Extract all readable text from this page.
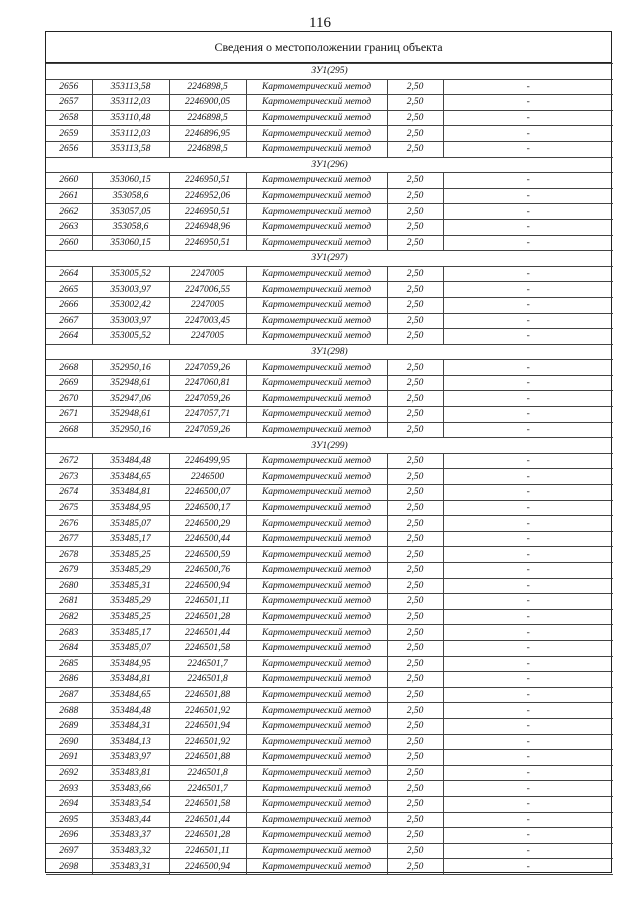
116
Сведения о местоположении границ объекта
ЗУ1(295)					
2656	353113,58	2246898,5	Картометрический метод	2,50	-
2657	353112,03	2246900,05	Картометрический метод	2,50	-
2658	353110,48	2246898,5	Картометрический метод	2,50	-
2659	353112,03	2246896,95	Картометрический метод	2,50	-
2656	353113,58	2246898,5	Картометрический метод	2,50	-
ЗУ1(296)					
2660	353060,15	2246950,51	Картометрический метод	2,50	-
2661	353058,6	2246952,06	Картометрический метод	2,50	-
2662	353057,05	2246950,51	Картометрический метод	2,50	-
2663	353058,6	2246948,96	Картометрический метод	2,50	-
2660	353060,15	2246950,51	Картометрический метод	2,50	-
ЗУ1(297)					
2664	353005,52	2247005	Картометрический метод	2,50	-
2665	353003,97	2247006,55	Картометрический метод	2,50	-
2666	353002,42	2247005	Картометрический метод	2,50	-
2667	353003,97	2247003,45	Картометрический метод	2,50	-
2664	353005,52	2247005	Картометрический метод	2,50	-
ЗУ1(298)					
2668	352950,16	2247059,26	Картометрический метод	2,50	-
2669	352948,61	2247060,81	Картометрический метод	2,50	-
2670	352947,06	2247059,26	Картометрический метод	2,50	-
2671	352948,61	2247057,71	Картометрический метод	2,50	-
2668	352950,16	2247059,26	Картометрический метод	2,50	-
ЗУ1(299)					
2672	353484,48	2246499,95	Картометрический метод	2,50	-
2673	353484,65	2246500	Картометрический метод	2,50	-
2674	353484,81	2246500,07	Картометрический метод	2,50	-
2675	353484,95	2246500,17	Картометрический метод	2,50	-
2676	353485,07	2246500,29	Картометрический метод	2,50	-
2677	353485,17	2246500,44	Картометрический метод	2,50	-
2678	353485,25	2246500,59	Картометрический метод	2,50	-
2679	353485,29	2246500,76	Картометрический метод	2,50	-
2680	353485,31	2246500,94	Картометрический метод	2,50	-
2681	353485,29	2246501,11	Картометрический метод	2,50	-
2682	353485,25	2246501,28	Картометрический метод	2,50	-
2683	353485,17	2246501,44	Картометрический метод	2,50	-
2684	353485,07	2246501,58	Картометрический метод	2,50	-
2685	353484,95	2246501,7	Картометрический метод	2,50	-
2686	353484,81	2246501,8	Картометрический метод	2,50	-
2687	353484,65	2246501,88	Картометрический метод	2,50	-
2688	353484,48	2246501,92	Картометрический метод	2,50	-
2689	353484,31	2246501,94	Картометрический метод	2,50	-
2690	353484,13	2246501,92	Картометрический метод	2,50	-
2691	353483,97	2246501,88	Картометрический метод	2,50	-
2692	353483,81	2246501,8	Картометрический метод	2,50	-
2693	353483,66	2246501,7	Картометрический метод	2,50	-
2694	353483,54	2246501,58	Картометрический метод	2,50	-
2695	353483,44	2246501,44	Картометрический метод	2,50	-
2696	353483,37	2246501,28	Картометрический метод	2,50	-
2697	353483,32	2246501,11	Картометрический метод	2,50	-
2698	353483,31	2246500,94	Картометрический метод	2,50	-
